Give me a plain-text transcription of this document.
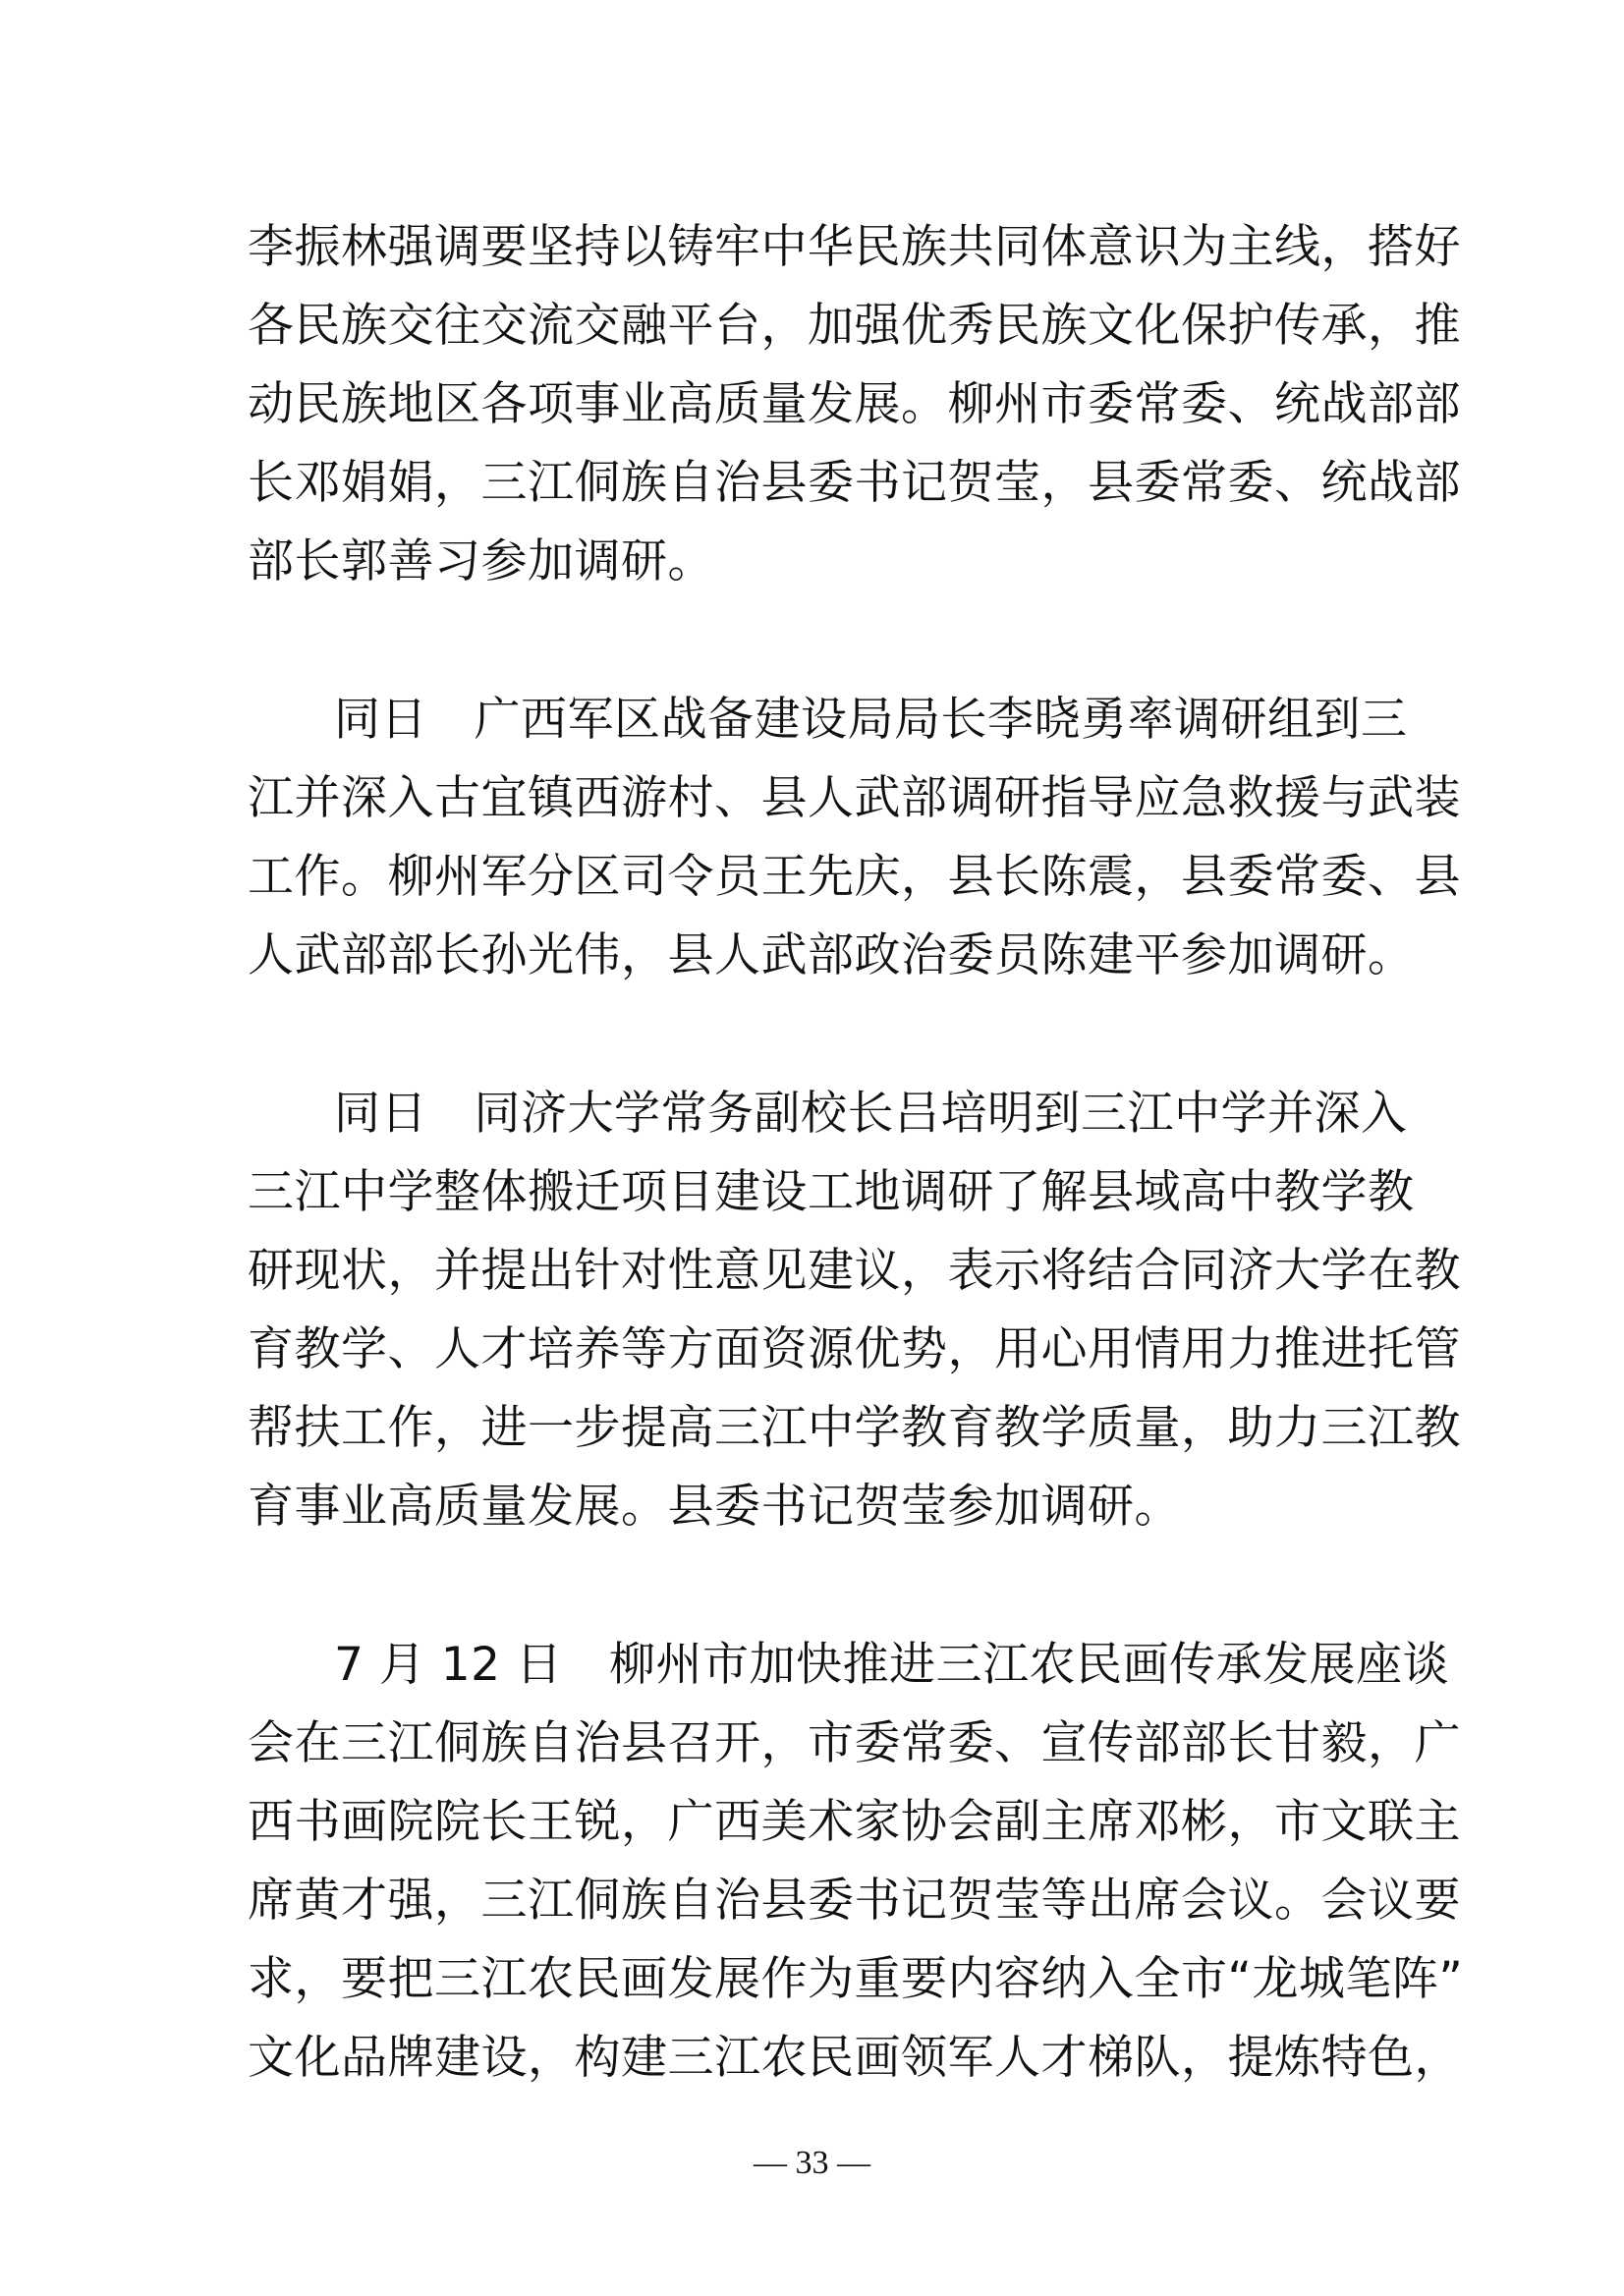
李振林强调要坚持以铸牢中华民族共同体意识为主线，搭好
各民族交往交流交融平台，加强优秀民族文化保护传承，推
动民族地区各项事业高质量发展。柳州市委常委、统战部部
长邓娟娟，三江侗族自治县委书记贺莹，县委常委、统战部
部长郭善习参加调研。
同日　广西军区战备建设局局长李晓勇率调研组到三
江并深入古宜镇西游村、县人武部调研指导应急救援与武装
工作。柳州军分区司令员王先庆，县长陈震，县委常委、县
人武部部长孙光伟，县人武部政治委员陈建平参加调研。
同日　同济大学常务副校长吕培明到三江中学并深入
三江中学整体搬迁项目建设工地调研了解县域高中教学教
研现状，并提出针对性意见建议，表示将结合同济大学在教
育教学、人才培养等方面资源优势，用心用情用力推进托管
帮扶工作，进一步提高三江中学教育教学质量，助力三江教
育事业高质量发展。县委书记贺莹参加调研。
7 月 12 日　柳州市加快推进三江农民画传承发展座谈
会在三江侗族自治县召开，市委常委、宣传部部长甘毅，广
西书画院院长王锐，广西美术家协会副主席邓彬，市文联主
席黄才强，三江侗族自治县委书记贺莹等出席会议。会议要
求，要把三江农民画发展作为重要内容纳入全市“龙城笔阵”
文化品牌建设，构建三江农民画领军人才梯队，提炼特色，
— 33 —
